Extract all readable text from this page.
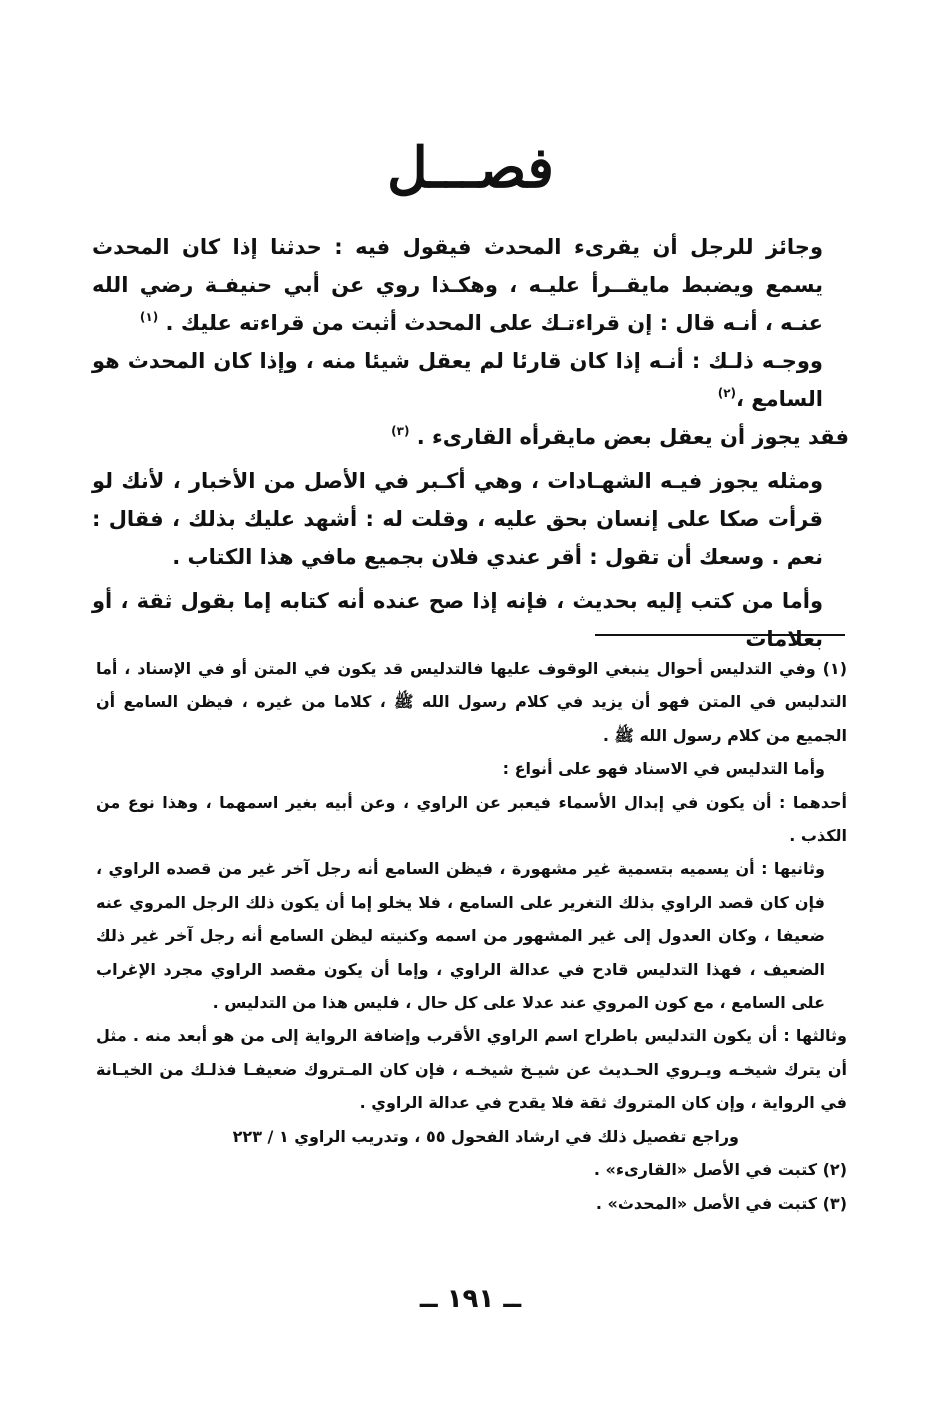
فصـــل

وجائز للرجل أن يقرىء المحدث فيقول فيه : حدثنا إذا كان المحدث يسمع ويضبط مايقــرأ عليـه ، وهكـذا روي عن أبي حنيفـة رضي الله عنـه ، أنـه قال : إن قراءتـك على المحدث أثبت من قراءته عليك . $^{(١)}$

ووجـه ذلـك : أنـه إذا كان قارئا لم يعقل شيئا منه ، وإذا كان المحدث هو السامع ،$^{(٢)}$

فقد يجوز أن يعقل بعض مايقرأه القارىء . $^{(٣)}$

ومثله يجوز فيـه الشهـادات ، وهي أكـبر في الأصل من الأخبار ، لأنك لو قرأت صكا على إنسان بحق عليه ، وقلت له : أشهد عليك بذلك ، فقال : نعم . وسعك أن تقول : أقر عندي فلان بجميع مافي هذا الكتاب .

وأما من كتب إليه بحديث ، فإنه إذا صح عنده أنه كتابه إما بقول ثقة ، أو بعلامات

(١) وفي التدليس أحوال ينبغي الوقوف عليها فالتدليس قد يكون في المتن أو في الإسناد ، أما التدليس في المتن فهو أن يزيد في كلام رسول الله ﷺ ، كلاما من غيره ، فيظن السامع أن الجميع من كلام رسول الله ﷺ .

وأما التدليس في الاسناد فهو على أنواع :

أحدهما : أن يكون في إبدال الأسماء فيعبر عن الراوي ، وعن أبيه بغير اسمهما ، وهذا نوع من الكذب .

وثانيها : أن يسميه بتسمية غير مشهورة ، فيظن السامع أنه رجل آخر غير من قصده الراوي ، فإن كان قصد الراوي بذلك التغرير على السامع ، فلا يخلو إما أن يكون ذلك الرجل المروي عنه ضعيفا ، وكان العدول إلى غير المشهور من اسمه وكنيته ليظن السامع أنه رجل آخر غير ذلك الضعيف ، فهذا التدليس قادح في عدالة الراوي ، وإما أن يكون مقصد الراوي مجرد الإغراب على السامع ، مع كون المروي عند عدلا على كل حال ، فليس هذا من التدليس .

وثالثها : أن يكون التدليس باطراح اسم الراوي الأقرب وإضافة الرواية إلى من هو أبعد منه . مثل أن يترك شيخـه ويـروي الحـديث عن شيـخ شيخـه ، فإن كان المـتروك ضعيفـا فذلـك من الخيـانة في الرواية ، وإن كان المتروك ثقة فلا يقدح في عدالة الراوي .

وراجع تفصيل ذلك في ارشاد الفحول ٥٥ ، وتدريب الراوي ١ / ٢٢٣

(٢) كتبت في الأصل «القارىء» .

(٣) كتبت في الأصل «المحدث» .

ــ ١٩١ ــ
